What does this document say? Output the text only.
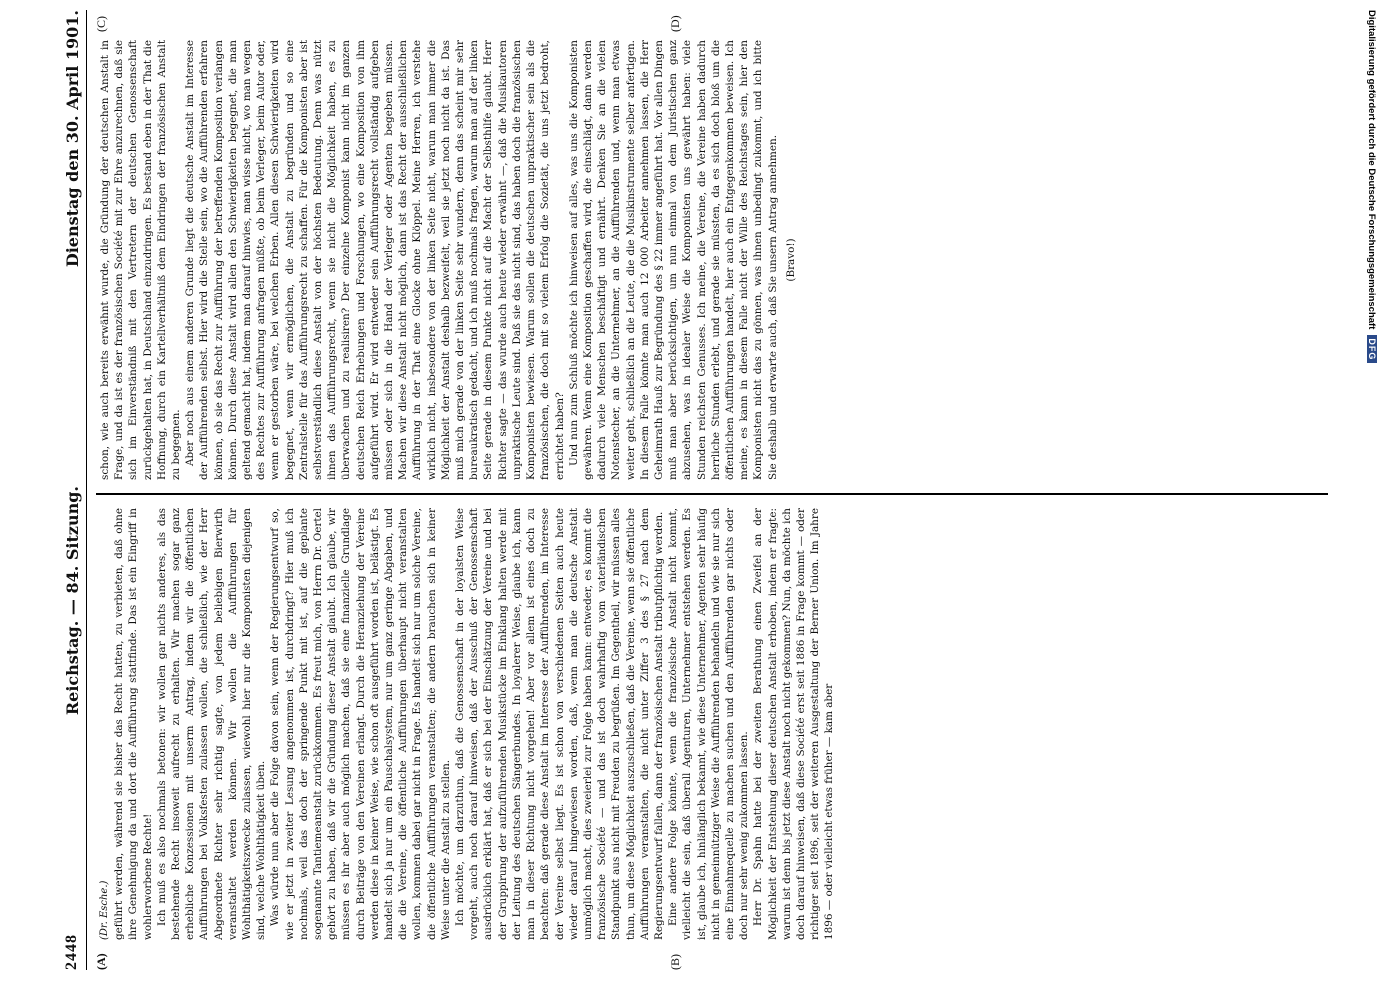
2448
Reichstag. — 84. Sitzung.
Dienstag den 30. April 1901.
(A)	(B)
(C)	(D)

(Dr. Esche.) geführt werden, während sie bisher das Recht hatten, zu verbieten, daß ohne ihre Genehmigung da und dort die Aufführung stattfinde. Das ist ein Eingriff in wohlerworbene Rechte! Ich muß es also nochmals betonen: wir wollen gar nichts anderes, als das bestehende Recht insoweit aufrecht zu erhalten. Wir machen sogar ganz erhebliche Konzessionen mit unserm Antrag, indem wir die öffentlichen Aufführungen bei Volksfesten zulassen wollen, die schließlich, wie der Herr Abgeordnete Richter sehr richtig sagte, von jedem beliebigen Bierwirth veranstaltet werden können. Wir wollen die Aufführungen für Wohlthätigkeitszwecke zulassen, wiewohl hier nur die Komponisten diejenigen sind, welche Wohlthätigkeit üben. Was würde nun aber die Folge davon sein, wenn der Regierungsentwurf so, wie er jetzt in zweiter Lesung angenommen ist, durchdringt? Hier muß ich nochmals, weil das doch der springende Punkt mit ist, auf die geplante sogenannte Tantiemeanstalt zurückkommen. Es freut mich, von Herrn Dr. Oertel gehört zu haben, daß wir die Gründung dieser Anstalt glaubt. Ich glaube, wir müssen es ihr aber auch möglich machen, daß sie eine finanzielle Grundlage durch Beiträge von den Vereinen erlangt. Durch die Heranziehung der Vereine werden diese in keiner Weise, wie schon oft ausgeführt worden ist, belästigt. Es handelt sich ja nur um ein Pauschalsystem, nur um ganz geringe Abgaben, und die die Vereine, die öffentliche Aufführungen überhaupt nicht veranstalten wollen, kommen dabei gar nicht in Frage. Es handelt sich nur um solche Vereine, die öffentliche Aufführungen veranstalten; die andern brauchen sich in keiner Weise unter die Anstalt zu stellen. Ich möchte, um darzuthun, daß die Genossenschaft in der loyalsten Weise vorgeht, auch noch darauf hinweisen, daß der Ausschuß der Genossenschaft ausdrücklich erklärt hat, daß er sich bei der Einschätzung der Vereine und bei der Gruppirung der aufzuführenden Musikstücke im Einklang halten werde mit der Leitung des deutschen Sängerbundes. In loyalerer Weise, glaube ich, kann man in dieser Richtung nicht vorgehen! Aber vor allem ist eines doch zu beachten: daß gerade diese Anstalt im Interesse der Aufführenden, im Interesse der Vereine selbst liegt. Es ist schon von verschiedenen Seiten auch heute wieder darauf hingewiesen worden, daß, wenn man die deutsche Anstalt unmöglich macht, dies zweierlei zur Folge haben kann: entweder, es kommt die französische Société — und das ist doch wahrhaftig vom vaterländischen Standpunkt aus nicht mit Freuden zu begrüßen. Im Gegentheil, wir müssen alles thun, um diese Möglichkeit auszuschließen, daß die Vereine, wenn sie öffentliche Aufführungen veranstalten, die nicht unter Ziffer 3 des § 27 nach dem Regierungsentwurf fallen, dann der französischen Anstalt tributpflichtig werden. Eine andere Folge könnte, wenn die französische Anstalt nicht kommt, vielleicht die sein, daß überall Agenturen, Unternehmer entstehen werden. Es ist, glaube ich, hinlänglich bekannt, wie diese Unternehmer, Agenten sehr häufig nicht in gemeinnütziger Weise die Aufführenden behandeln und wie sie nur sich eine Einnahmequelle zu machen suchen und den Aufführenden gar nichts oder doch nur sehr wenig zukommen lassen. Herr Dr. Spahn hatte bei der zweiten Berathung einen Zweifel an der Möglichkeit der Entstehung dieser deutschen Anstalt erhoben, indem er fragte: warum ist denn bis jetzt diese Anstalt noch nicht gekommen? Nun, da möchte ich doch darauf hinweisen, daß diese Société erst seit 1886 in Frage kommt — oder richtiger seit 1896, seit der weiteren Ausgestaltung der Berner Union. Im Jahre 1896 — oder vielleicht etwas früher — kam aber

schon, wie auch bereits erwähnt wurde, die Gründung der deutschen Anstalt in Frage, und da ist es der französischen Société mit zur Ehre anzurechnen, daß sie sich im Einverständniß mit den Vertretern der deutschen Genossenschaft zurückgehalten hat, in Deutschland einzudringen. Es bestand eben in der That die Hoffnung, durch ein Kartellverhältniß dem Eindringen der französischen Anstalt zu begegnen. Aber noch aus einem anderen Grunde liegt die deutsche Anstalt im Interesse der Aufführenden selbst. Hier wird die Stelle sein, wo die Aufführenden erfahren können, ob sie das Recht zur Aufführung der betreffenden Komposition verlangen können. Durch diese Anstalt wird allen den Schwierigkeiten begegnet, die man geltend gemacht hat, indem man darauf hinwies, man wisse nicht, wo man wegen des Rechtes zur Aufführung anfragen müßte, ob beim Verleger, beim Autor oder, wenn er gestorben wäre, bei welchen Erben. Allen diesen Schwierigkeiten wird begegnet, wenn wir ermöglichen, die Anstalt zu begründen und so eine Zentralstelle für das Aufführungsrecht zu schaffen. Für die Komponisten aber ist selbstverständlich diese Anstalt von der höchsten Bedeutung. Denn was nützt ihnen das Aufführungsrecht, wenn sie nicht die Möglichkeit haben, es zu überwachen und zu realisiren? Der einzelne Komponist kann nicht im ganzen deutschen Reich Erhebungen und Forschungen, wo eine Komposition von ihm aufgeführt wird. Er wird entweder sein Aufführungsrecht vollständig aufgeben müssen oder sich in die Hand der Verleger oder Agenten begeben müssen. Machen wir diese Anstalt nicht möglich, dann ist das Recht der ausschließlichen Aufführung in der That eine Glocke ohne Klöppel. Meine Herren, ich verstehe wirklich nicht, insbesondere von der linken Seite nicht, warum man immer die Möglichkeit der Anstalt deshalb bezweifelt, weil sie jetzt noch nicht da ist. Das muß mich gerade von der linken Seite sehr wundern, denn das scheint mir sehr bureaukratisch gedacht, und ich muß nochmals fragen, warum man auf der linken Seite gerade in diesem Punkte nicht auf die Macht der Selbsthilfe glaubt. Herr Richter sagte — das wurde auch heute wieder erwähnt —, daß die Musikautoren unpraktische Leute sind. Daß sie das nicht sind, das haben doch die französischen Komponisten bewiesen. Warum sollen die deutschen unpraktischer sein als die französischen, die doch mit so vielem Erfolg die Sozietät, die uns jetzt bedroht, errichtet haben? Und nun zum Schluß möchte ich hinweisen auf alles, was uns die Komponisten gewähren. Wenn eine Komposition geschaffen wird, die einschlägt, dann werden dadurch viele Menschen beschäftigt und ernährt. Denken Sie an die vielen Notenstecher, an die Unternehmer, an die Aufführenden und, wenn man etwas weiter geht, schließlich an die Leute, die die Musikinstrumente selber anfertigen. In diesem Falle könnte man auch 12 000 Arbeiter annehmen lassen, die Herr Geheimrath Hauß zur Begründung des § 22 immer angeführt hat. Vor allen Dingen muß man aber berücksichtigen, um nun einmal von dem Juristischen ganz abzusehen, was in idealer Weise die Komponisten uns gewährt haben: viele Stunden reichsten Genusses. Ich meine, die Vereine, die Vereine haben dadurch herrliche Stunden erlebt, und gerade sie müssten, da es sich doch bloß um die öffentlichen Aufführungen handelt, hier auch ein Entgegenkommen beweisen. Ich meine, es kann in diesem Falle nicht der Wille des Reichstages sein, hier den Komponisten nicht das zu gönnen, was ihnen unbedingt zukommt, und ich bitte Sie deshalb und erwarte auch, daß Sie unsern Antrag annehmen. (Bravo!)	Digitalisierung gefördert durch die Deutsche Forschungsgemeinschaft
DFG
